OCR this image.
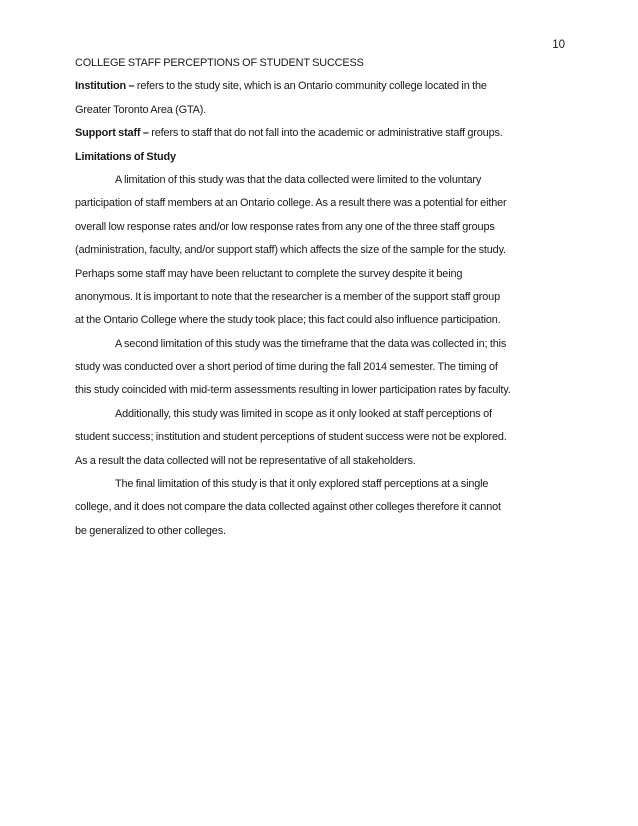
10
COLLEGE STAFF PERCEPTIONS OF STUDENT SUCCESS
Institution – refers to the study site, which is an Ontario community college located in the
Greater Toronto Area (GTA).
Support staff – refers to staff that do not fall into the academic or administrative staff groups.
Limitations of Study
A limitation of this study was that the data collected were limited to the voluntary
participation of staff members at an Ontario college. As a result there was a potential for either
overall low response rates and/or low response rates from any one of the three staff groups
(administration, faculty, and/or support staff) which affects the size of the sample for the study.
Perhaps some staff may have been reluctant to complete the survey despite it being
anonymous. It is important to note that the researcher is a member of the support staff group
at the Ontario College where the study took place; this fact could also influence participation.
A second limitation of this study was the timeframe that the data was collected in; this
study was conducted over a short period of time during the fall 2014 semester. The timing of
this study coincided with mid-term assessments resulting in lower participation rates by faculty.
Additionally, this study was limited in scope as it only looked at staff perceptions of
student success; institution and student perceptions of student success were not be explored.
As a result the data collected will not be representative of all stakeholders.
The final limitation of this study is that it only explored staff perceptions at a single
college, and it does not compare the data collected against other colleges therefore it cannot
be generalized to other colleges.
